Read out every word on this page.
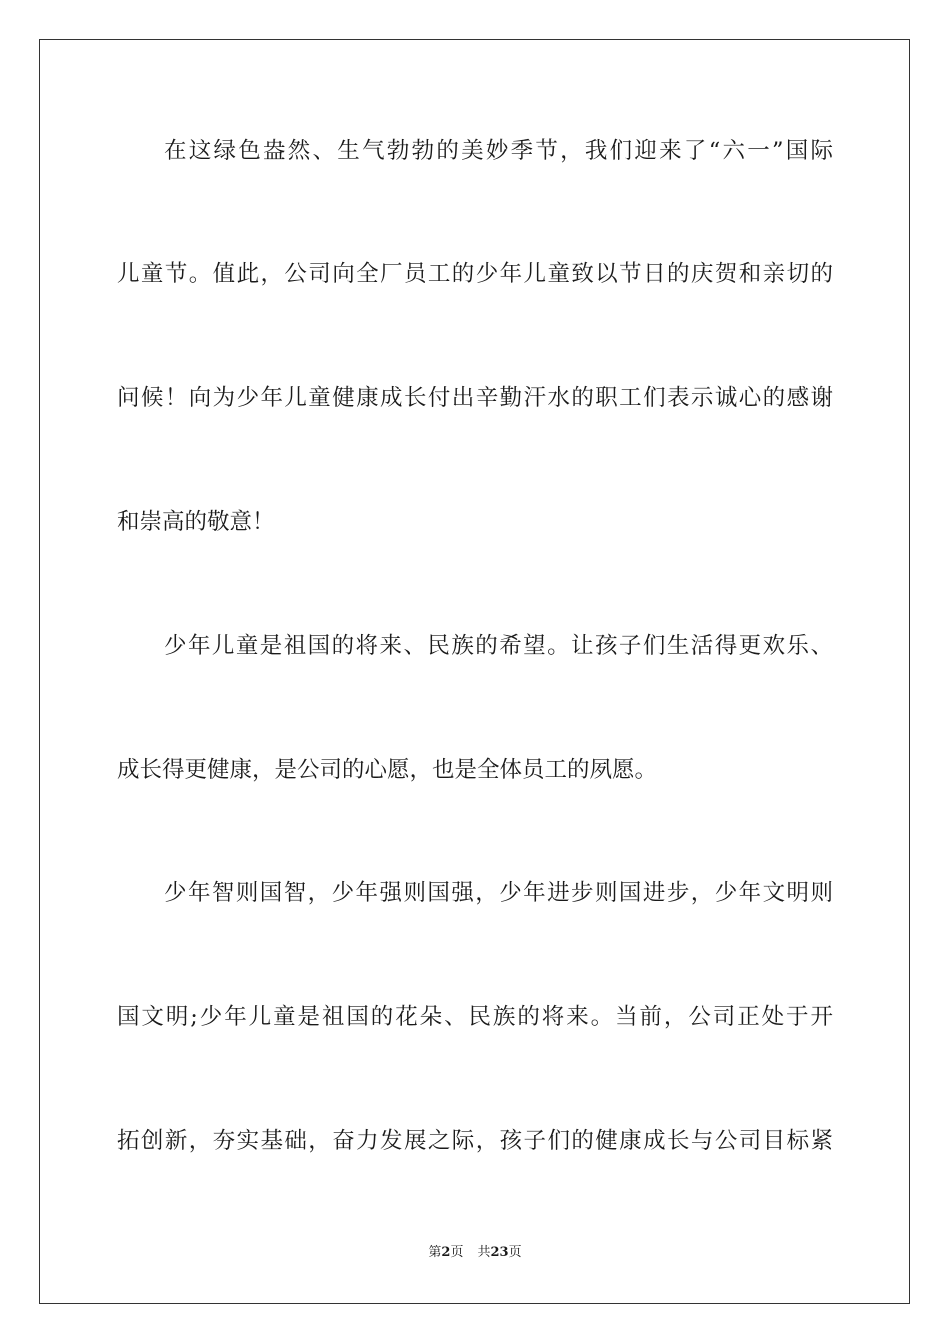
在这绿色盎然、生气勃勃的美妙季节，我们迎来了“六一”国际
儿童节。值此，公司向全厂员工的少年儿童致以节日的庆贺和亲切的
问候！向为少年儿童健康成长付出辛勤汗水的职工们表示诚心的感谢
和崇高的敬意！
少年儿童是祖国的将来、民族的希望。让孩子们生活得更欢乐、
成长得更健康，是公司的心愿，也是全体员工的夙愿。
少年智则国智，少年强则国强，少年进步则国进步，少年文明则
国文明;少年儿童是祖国的花朵、民族的将来。当前，公司正处于开
拓创新，夯实基础，奋力发展之际，孩子们的健康成长与公司目标紧
第2页 共23页
